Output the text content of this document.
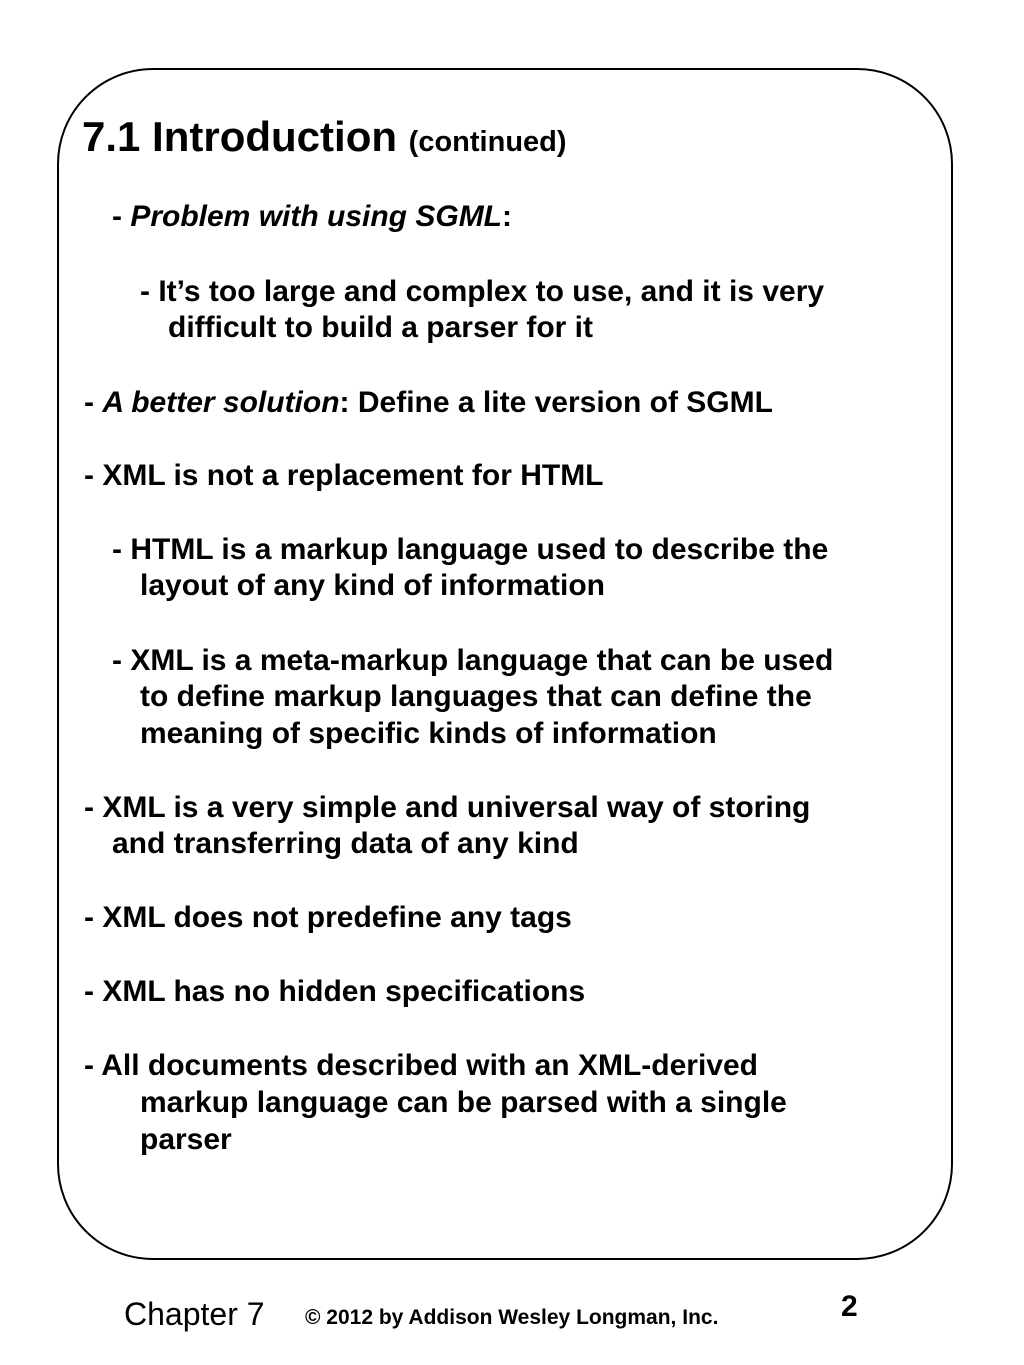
7.1 Introduction (continued)
- Problem with using SGML:
- It’s too large and complex to use, and it is very
difficult to build a parser for it
- A better solution: Define a lite version of SGML
- XML is not a replacement for HTML
- HTML is a markup language used to describe the
layout of any kind of information
- XML is a meta-markup language that can be used
to define markup languages that can define the
meaning of specific kinds of information
- XML is a very simple and universal way of storing
and transferring data of any kind
- XML does not predefine any tags
- XML has no hidden specifications
- All documents described with an XML-derived
markup language can be parsed with a single
parser
Chapter 7 © 2012 by Addison Wesley Longman, Inc.	2
